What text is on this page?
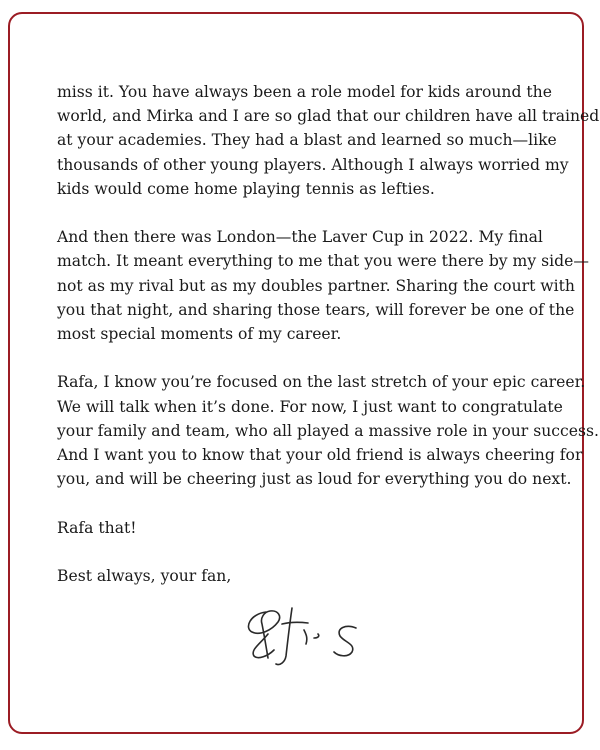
miss it. You have always been a role model for kids around the
world, and Mirka and I are so glad that our children have all trained
at your academies. They had a blast and learned so much—like
thousands of other young players. Although I always worried my
kids would come home playing tennis as lefties.

And then there was London—the Laver Cup in 2022. My final
match. It meant everything to me that you were there by my side—
not as my rival but as my doubles partner. Sharing the court with
you that night, and sharing those tears, will forever be one of the
most special moments of my career.

Rafa, I know you’re focused on the last stretch of your epic career.
We will talk when it’s done. For now, I just want to congratulate
your family and team, who all played a massive role in your success.
And I want you to know that your old friend is always cheering for
you, and will be cheering just as loud for everything you do next.

Rafa that!

Best always, your fan,
